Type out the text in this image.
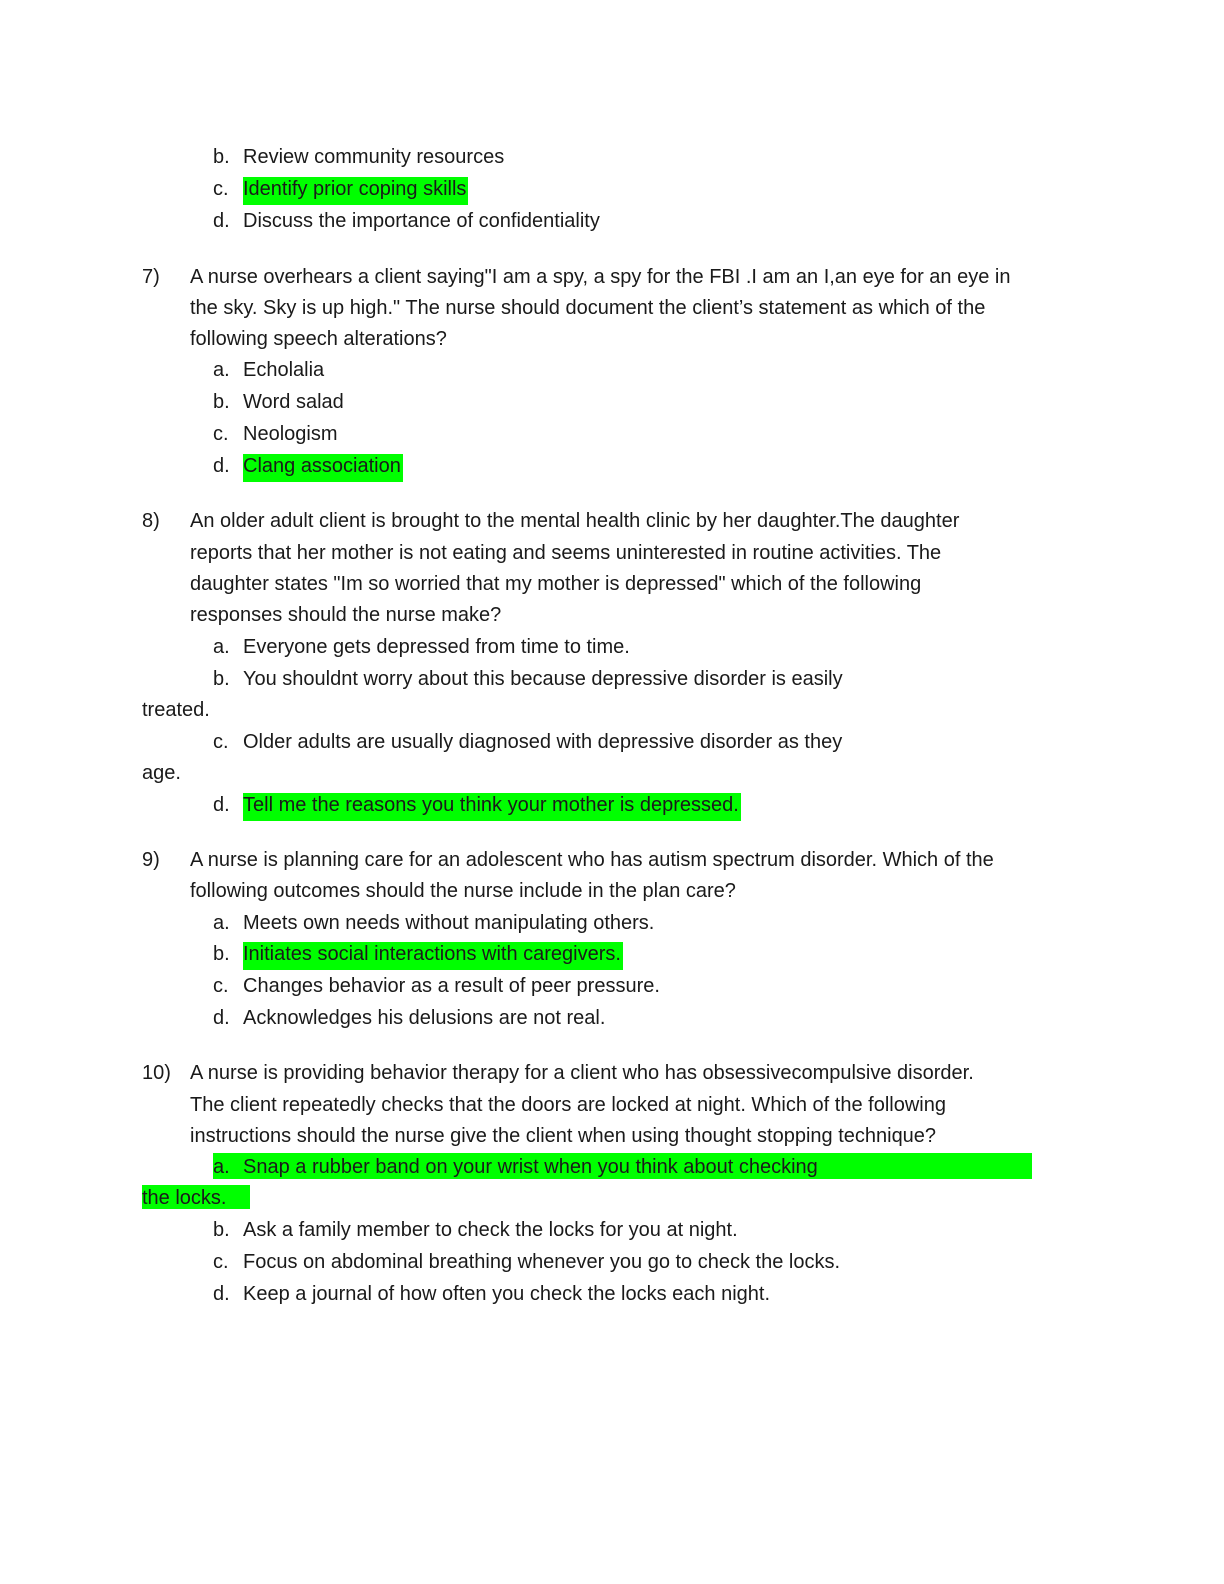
b. Review community resources
c. Identify prior coping skills
d. Discuss the importance of confidentiality
7) A nurse overhears a client saying"I am a spy, a spy for the FBI .I am an I,an eye for an eye in
the sky. Sky is up high." The nurse should document the client’s statement as which of the
following speech alterations?
a. Echolalia
b. Word salad
c. Neologism
d. Clang association
8) An older adult client is brought to the mental health clinic by her daughter.The daughter
reports that her mother is not eating and seems uninterested in routine activities. The
daughter states "Im so worried that my mother is depressed" which of the following
responses should the nurse make?
a. Everyone gets depressed from time to time.
b. You shouldnt worry about this because depressive disorder is easily
treated.
c. Older adults are usually diagnosed with depressive disorder as they
age.
d. Tell me the reasons you think your mother is depressed.
9) A nurse is planning care for an adolescent who has autism spectrum disorder. Which of the
following outcomes should the nurse include in the plan care?
a. Meets own needs without manipulating others.
b. Initiates social interactions with caregivers.
c. Changes behavior as a result of peer pressure.
d. Acknowledges his delusions are not real.
10) A nurse is providing behavior therapy for a client who has obsessivecompulsive disorder.
The client repeatedly checks that the doors are locked at night. Which of the following
instructions should the nurse give the client when using thought stopping technique?
a. Snap a rubber band on your wrist when you think about checking
the locks.
b. Ask a family member to check the locks for you at night.
c. Focus on abdominal breathing whenever you go to check the locks.
d. Keep a journal of how often you check the locks each night.
